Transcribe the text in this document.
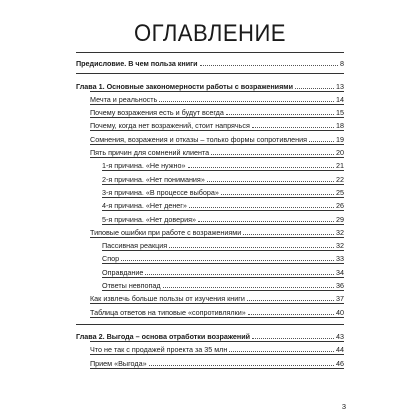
ОГЛАВЛЕНИЕ
Предисловие. В чем польза книги	8
Глава 1. Основные закономерности работы с возражениями	13
Мечта и реальность	14
Почему возражения есть и будут всегда	15
Почему, когда нет возражений, стоит напрячься	18
Сомнения, возражения и отказы – только формы сопротивления	19
Пять причин для сомнений клиента	20
1-я причина. «Не нужно»	21
2-я причина. «Нет понимания»	22
3-я причина. «В процессе выбора»	25
4-я причина. «Нет денег»	26
5-я причина. «Нет доверия»	29
Типовые ошибки при работе с возражениями	32
Пассивная реакция	32
Спор	33
Оправдание	34
Ответы невпопад	36
Как извлечь больше пользы от изучения книги	37
Таблица ответов на типовые «сопротивлялки»	40
Глава 2. Выгода – основа отработки возражений	43
Что не так с продажей проекта за 35 млн	44
Прием «Выгода»	46
3
